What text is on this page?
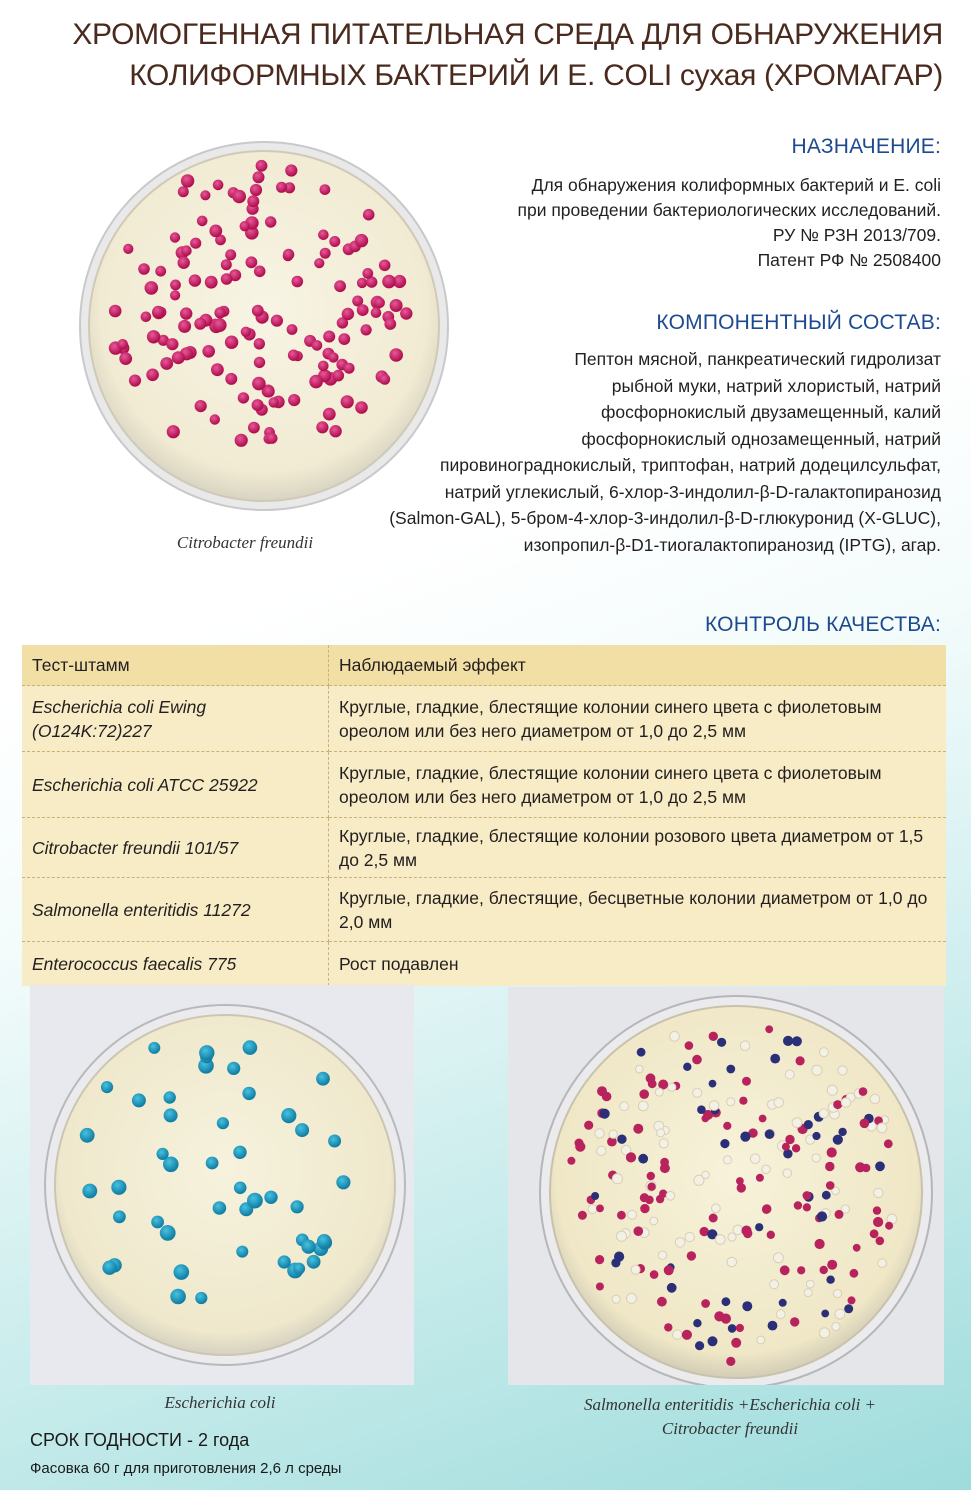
ХРОМОГЕННАЯ ПИТАТЕЛЬНАЯ СРЕДА ДЛЯ ОБНАРУЖЕНИЯ
КОЛИФОРМНЫХ БАКТЕРИЙ И Е. COLI сухая (ХРОМАГАР)
Citrobacter freundii
НАЗНАЧЕНИЕ:
Для обнаружения колиформных бактерий и E. coli
при проведении бактериологических исследований.
РУ № РЗН 2013/709.
Патент РФ № 2508400
КОМПОНЕНТНЫЙ СОСТАВ:
Пептон мясной, панкреатический гидролизат
рыбной муки, натрий хлористый, натрий
фосфорнокислый двузамещенный, калий
фосфорнокислый однозамещенный, натрий
пировинограднокислый, триптофан, натрий додецилсульфат,
натрий углекислый, 6-хлор-3-индолил-β-D-галактопиранозид
(Salmon-GAL), 5-бром-4-хлор-3-индолил-β-D-глюкуронид (X-GLUC),
изопропил-β-D1-тиогалактопиранозид (IPTG), агар.
КОНТРОЛЬ КАЧЕСТВА:
Тест-штамм	Наблюдаемый эффект
Escherichia coli Ewing (O124K:72)227	Круглые, гладкие, блестящие колонии синего цвета с фиолетовым ореолом или без него диаметром от 1,0 до 2,5 мм
Escherichia coli ATCC 25922	Круглые, гладкие, блестящие колонии синего цвета с фиолетовым ореолом или без него диаметром от 1,0 до 2,5 мм
Citrobacter freundii 101/57	Круглые, гладкие, блестящие колонии розового цвета диаметром от 1,5 до 2,5 мм
Salmonella enteritidis 11272	Круглые, гладкие, блестящие, бесцветные колонии диаметром от 1,0 до 2,0 мм
Enterococcus faecalis 775	Рост подавлен
Escherichia coli	Salmonella enteritidis +Escherichia coli +
Citrobacter freundii
СРОК ГОДНОСТИ - 2 года
Фасовка 60 г для приготовления 2,6 л среды
